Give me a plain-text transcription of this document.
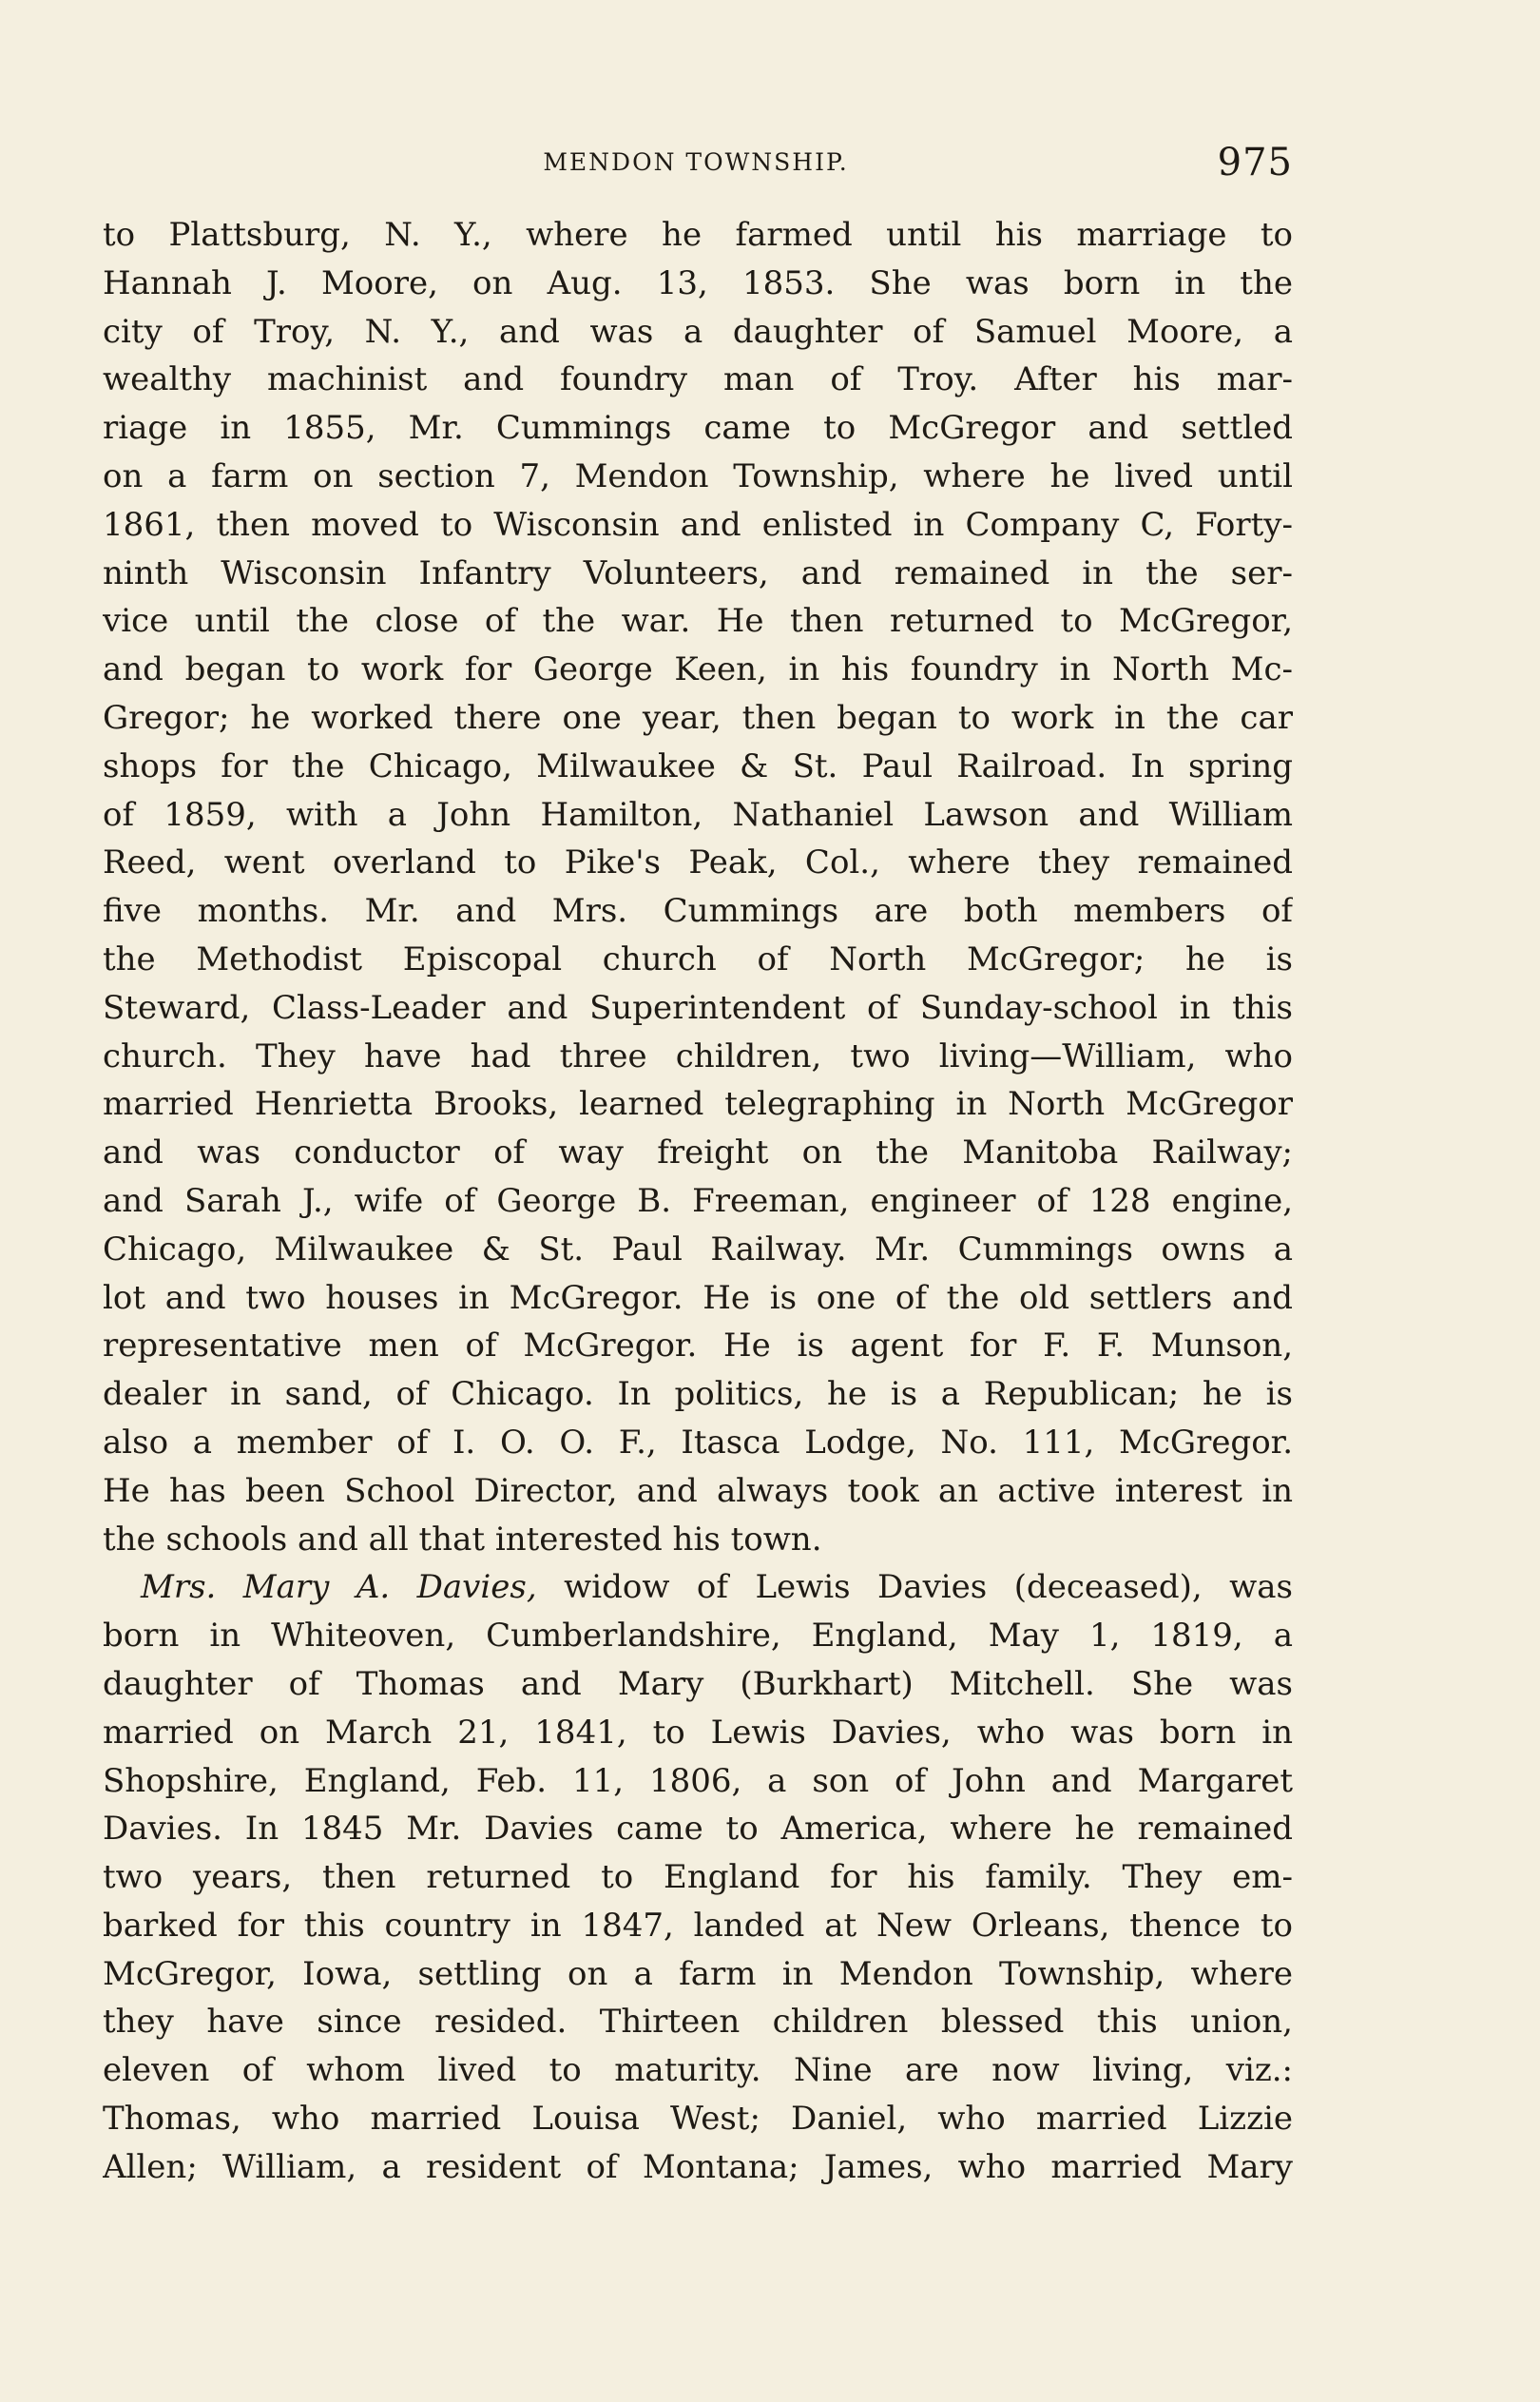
MENDON TOWNSHIP.	975
to Plattsburg, N. Y., where he farmed until his marriage to
Hannah J. Moore, on Aug. 13, 1853. She was born in the
city of Troy, N. Y., and was a daughter of Samuel Moore, a
wealthy machinist and foundry man of Troy. After his mar-
riage in 1855, Mr. Cummings came to McGregor and settled
on a farm on section 7, Mendon Township, where he lived until
1861, then moved to Wisconsin and enlisted in Company C, Forty-
ninth Wisconsin Infantry Volunteers, and remained in the ser-
vice until the close of the war. He then returned to McGregor,
and began to work for George Keen, in his foundry in North Mc-
Gregor; he worked there one year, then began to work in the car
shops for the Chicago, Milwaukee & St. Paul Railroad. In spring
of 1859, with a John Hamilton, Nathaniel Lawson and William
Reed, went overland to Pike's Peak, Col., where they remained
five months. Mr. and Mrs. Cummings are both members of
the Methodist Episcopal church of North McGregor; he is
Steward, Class-Leader and Superintendent of Sunday-school in this
church. They have had three children, two living—William, who
married Henrietta Brooks, learned telegraphing in North McGregor
and was conductor of way freight on the Manitoba Railway;
and Sarah J., wife of George B. Freeman, engineer of 128 engine,
Chicago, Milwaukee & St. Paul Railway. Mr. Cummings owns a
lot and two houses in McGregor. He is one of the old settlers and
representative men of McGregor. He is agent for F. F. Munson,
dealer in sand, of Chicago. In politics, he is a Republican; he is
also a member of I. O. O. F., Itasca Lodge, No. 111, McGregor.
He has been School Director, and always took an active interest in
the schools and all that interested his town.
Mrs. Mary A. Davies, widow of Lewis Davies (deceased), was
born in Whiteoven, Cumberlandshire, England, May 1, 1819, a
daughter of Thomas and Mary (Burkhart) Mitchell. She was
married on March 21, 1841, to Lewis Davies, who was born in
Shopshire, England, Feb. 11, 1806, a son of John and Margaret
Davies. In 1845 Mr. Davies came to America, where he remained
two years, then returned to England for his family. They em-
barked for this country in 1847, landed at New Orleans, thence to
McGregor, Iowa, settling on a farm in Mendon Township, where
they have since resided. Thirteen children blessed this union,
eleven of whom lived to maturity. Nine are now living, viz.:
Thomas, who married Louisa West; Daniel, who married Lizzie
Allen; William, a resident of Montana; James, who married Mary
